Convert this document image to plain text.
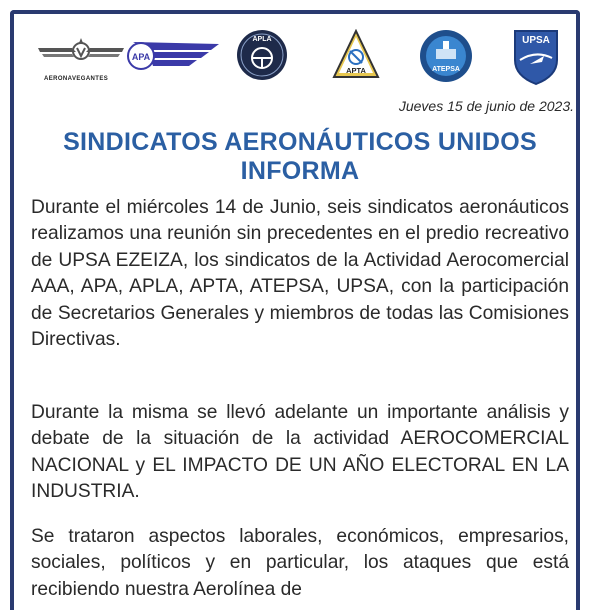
AERONAVEGANTES
APA
APLA
APTA	ATEPSA
UPSA
Jueves 15 de junio de 2023.
SINDICATOS AERONÁUTICOS UNIDOS
INFORMA
Durante el miércoles 14 de Junio, seis sindicatos aeronáuticos realizamos una reunión sin precedentes en el predio recreativo de UPSA EZEIZA, los sindicatos de la Actividad Aerocomercial AAA, APA, APLA, APTA, ATEPSA, UPSA, con la participación de Secretarios Generales y miembros de todas las Comisiones Directivas.
Durante la misma se llevó adelante un importante análisis y debate de la situación de la actividad AEROCOMERCIAL NACIONAL y EL IMPACTO DE UN AÑO ELECTORAL EN LA INDUSTRIA.
Se trataron aspectos laborales, económicos, empresarios, sociales, políticos y en particular, los ataques que está recibiendo nuestra Aerolínea de
